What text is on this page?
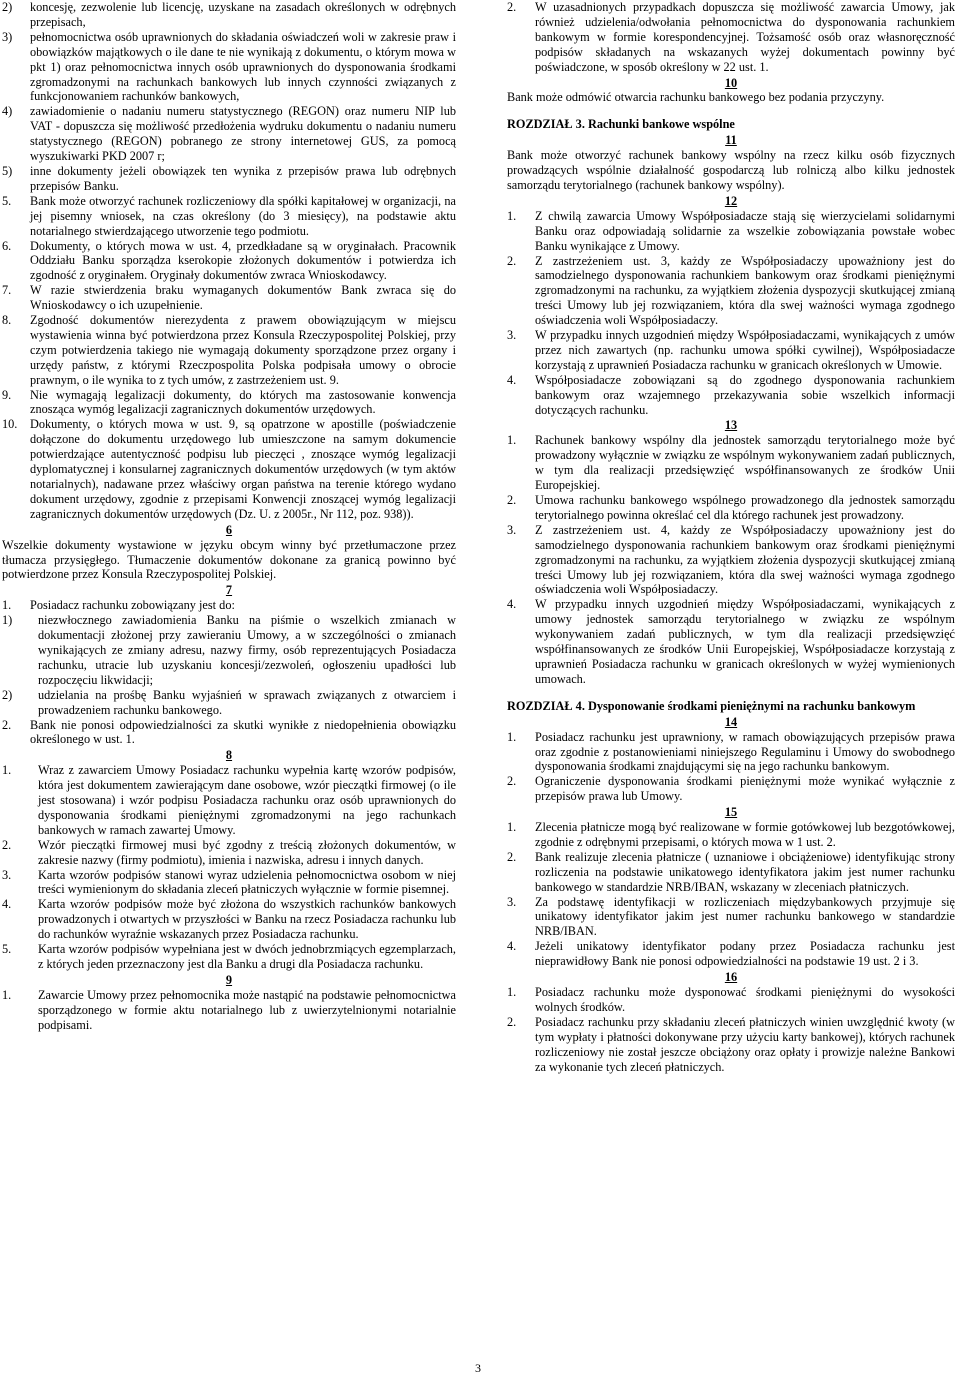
2)	koncesję, zezwolenie lub licencję, uzyskane na zasadach określonych w odrębnych przepisach,
3)	pełnomocnictwa osób uprawnionych do składania oświadczeń woli w zakresie praw i obowiązków majątkowych o ile dane te nie wynikają z dokumentu, o którym mowa w pkt 1) oraz pełnomocnictwa innych osób uprawnionych do dysponowania środkami zgromadzonymi na rachunkach bankowych lub innych czynności związanych z funkcjonowaniem rachunków bankowych,
4)	zawiadomienie o nadaniu numeru statystycznego (REGON) oraz numeru NIP lub VAT - dopuszcza się możliwość przedłożenia wydruku dokumentu o nadaniu numeru statystycznego (REGON) pobranego ze strony internetowej GUS, za pomocą wyszukiwarki PKD 2007 r;
5)	inne dokumenty jeżeli obowiązek ten wynika z przepisów prawa lub odrębnych przepisów Banku.
5.	Bank może otworzyć rachunek rozliczeniowy dla spółki kapitałowej w organizacji, na jej pisemny wniosek, na czas określony (do 3 miesięcy), na podstawie aktu notarialnego stwierdzającego utworzenie tego podmiotu.
6.	Dokumenty, o których mowa w ust. 4, przedkładane są w oryginałach. Pracownik Oddziału Banku sporządza kserokopie złożonych dokumentów i potwierdza ich zgodność z oryginałem. Oryginały dokumentów zwraca Wnioskodawcy.
7.	W razie stwierdzenia braku wymaganych dokumentów Bank zwraca się do Wnioskodawcy o ich uzupełnienie.
8.	Zgodność dokumentów nierezydenta z prawem obowiązującym w miejscu wystawienia winna być potwierdzona przez Konsula Rzeczypospolitej Polskiej, przy czym potwierdzenia takiego nie wymagają dokumenty sporządzone przez organy i urzędy państw, z którymi Rzeczpospolita Polska podpisała umowy o obrocie prawnym, o ile wynika to z tych umów, z zastrzeżeniem ust. 9.
9.	Nie wymagają legalizacji dokumenty, do których ma zastosowanie konwencja znosząca wymóg legalizacji zagranicznych dokumentów urzędowych.
10.	Dokumenty, o których mowa w ust. 9, są opatrzone w apostille (poświadczenie dołączone do dokumentu urzędowego lub umieszczone na samym dokumencie potwierdzające autentyczność podpisu lub pieczęci , znoszące wymóg legalizacji dyplomatycznej i konsularnej zagranicznych dokumentów urzędowych (w tym aktów notarialnych), nadawane przez właściwy organ państwa na terenie którego wydano dokument urzędowy, zgodnie z przepisami Konwencji znoszącej wymóg legalizacji zagranicznych dokumentów urzędowych (Dz. U. z 2005r., Nr 112, poz. 938)).
6

Wszelkie dokumenty wystawione w języku obcym winny być przetłumaczone przez tłumacza przysięgłego. Tłumaczenie dokumentów dokonane za granicą powinno być potwierdzone przez Konsula Rzeczypospolitej Polskiej.

7
1.	Posiadacz rachunku zobowiązany jest do:
1)	niezwłocznego zawiadomienia Banku na piśmie o wszelkich zmianach w dokumentacji złożonej przy zawieraniu Umowy, a w szczególności o zmianach wynikających ze zmiany adresu, nazwy firmy, osób reprezentujących Posiadacza rachunku, utracie lub uzyskaniu koncesji/zezwoleń, ogłoszeniu upadłości lub rozpoczęciu likwidacji;
2)	udzielania na prośbę Banku wyjaśnień w sprawach związanych z otwarciem i prowadzeniem rachunku bankowego.
2.	Bank nie ponosi odpowiedzialności za skutki wynikłe z niedopełnienia obowiązku określonego w ust. 1.
8
1.	Wraz z zawarciem Umowy Posiadacz rachunku wypełnia kartę wzorów podpisów, która jest dokumentem zawierającym dane osobowe, wzór pieczątki firmowej (o ile jest stosowana) i wzór podpisu Posiadacza rachunku oraz osób uprawnionych do dysponowania środkami pieniężnymi zgromadzonymi na jego rachunkach bankowych w ramach zawartej Umowy.
2.	Wzór pieczątki firmowej musi być zgodny z treścią złożonych dokumentów, w zakresie nazwy (firmy podmiotu), imienia i nazwiska, adresu i innych danych.
3.	Karta wzorów podpisów stanowi wyraz udzielenia pełnomocnictwa osobom w niej treści wymienionym do składania zleceń płatniczych wyłącznie w formie pisemnej.
4.	Karta wzorów podpisów może być złożona do wszystkich rachunków bankowych prowadzonych i otwartych w przyszłości w Banku na rzecz Posiadacza rachunku lub do rachunków wyraźnie wskazanych przez Posiadacza rachunku.
5.	Karta wzorów podpisów wypełniana jest w dwóch jednobrzmiących egzemplarzach, z których jeden przeznaczony jest dla Banku a drugi dla Posiadacza rachunku.
9
1.	Zawarcie Umowy przez pełnomocnika może nastąpić na podstawie pełnomocnictwa sporządzonego w formie aktu notarialnego lub z uwierzytelnionymi notarialnie podpisami.
2.	W uzasadnionych przypadkach dopuszcza się możliwość zawarcia Umowy, jak również udzielenia/odwołania pełnomocnictwa do dysponowania rachunkiem bankowym w formie korespondencyjnej. Tożsamość osób oraz własnoręczność podpisów składanych na wskazanych wyżej dokumentach powinny być poświadczone, w sposób określony w 22 ust. 1.
10

Bank może odmówić otwarcia rachunku bankowego bez podania przyczyny.

ROZDZIAŁ 3. Rachunki bankowe wspólne
11

Bank może otworzyć rachunek bankowy wspólny na rzecz kilku osób fizycznych prowadzących wspólnie działalność gospodarczą lub rolniczą albo kilku jednostek samorządu terytorialnego (rachunek bankowy wspólny).

12
1.	Z chwilą zawarcia Umowy Współposiadacze stają się wierzycielami solidarnymi Banku oraz odpowiadają solidarnie za wszelkie zobowiązania powstałe wobec Banku wynikające z Umowy.
2.	Z zastrzeżeniem ust. 3, każdy ze Współposiadaczy upoważniony jest do samodzielnego dysponowania rachunkiem bankowym oraz środkami pieniężnymi zgromadzonymi na rachunku, za wyjątkiem złożenia dyspozycji skutkującej zmianą treści Umowy lub jej rozwiązaniem, która dla swej ważności wymaga zgodnego oświadczenia woli Współposiadaczy.
3.	W przypadku innych uzgodnień między Współposiadaczami, wynikających z umów przez nich zawartych (np. rachunku umowa spółki cywilnej), Współposiadacze korzystają z uprawnień Posiadacza rachunku w granicach określonych w Umowie.
4.	Współposiadacze zobowiązani są do zgodnego dysponowania rachunkiem bankowym oraz wzajemnego przekazywania sobie wszelkich informacji dotyczących rachunku.
13
1.	Rachunek bankowy wspólny dla jednostek samorządu terytorialnego może być prowadzony wyłącznie w związku ze wspólnym wykonywaniem zadań publicznych, w tym dla realizacji przedsięwzięć współfinansowanych ze środków Unii Europejskiej.
2.	Umowa rachunku bankowego wspólnego prowadzonego dla jednostek samorządu terytorialnego powinna określać cel dla którego rachunek jest prowadzony.
3.	Z zastrzeżeniem ust. 4, każdy ze Współposiadaczy upoważniony jest do samodzielnego dysponowania rachunkiem bankowym oraz środkami pieniężnymi zgromadzonymi na rachunku, za wyjątkiem złożenia dyspozycji skutkującej zmianą treści Umowy lub jej rozwiązaniem, która dla swej ważności wymaga zgodnego oświadczenia woli Współposiadaczy.
4.	W przypadku innych uzgodnień między Współposiadaczami, wynikających z umowy jednostek samorządu terytorialnego w związku ze wspólnym wykonywaniem zadań publicznych, w tym dla realizacji przedsięwzięć współfinansowanych ze środków Unii Europejskiej, Współposiadacze korzystają z uprawnień Posiadacza rachunku w granicach określonych w wyżej wymienionych umowach.
ROZDZIAŁ 4. Dysponowanie środkami pieniężnymi na rachunku bankowym
14
1.	Posiadacz rachunku jest uprawniony, w ramach obowiązujących przepisów prawa oraz zgodnie z postanowieniami niniejszego Regulaminu i Umowy do swobodnego dysponowania środkami znajdującymi się na jego rachunku bankowym.
2.	Ograniczenie dysponowania środkami pieniężnymi może wynikać wyłącznie z przepisów prawa lub Umowy.
15
1.	Zlecenia płatnicze mogą być realizowane w formie gotówkowej lub bezgotówkowej, zgodnie z odrębnymi przepisami, o których mowa w 1 ust. 2.
2.	Bank realizuje zlecenia płatnicze ( uznaniowe i obciążeniowe) identyfikując strony rozliczenia na podstawie unikatowego identyfikatora jakim jest numer rachunku bankowego w standardzie NRB/IBAN, wskazany w zleceniach płatniczych.
3.	Za podstawę identyfikacji w rozliczeniach międzybankowych przyjmuje się unikatowy identyfikator jakim jest numer rachunku bankowego w standardzie NRB/IBAN.
4.	Jeżeli unikatowy identyfikator podany przez Posiadacza rachunku jest nieprawidłowy Bank nie ponosi odpowiedzialności na podstawie 19 ust. 2 i 3.
16
1.	Posiadacz rachunku może dysponować środkami pieniężnymi do wysokości wolnych środków.
2.	Posiadacz rachunku przy składaniu zleceń płatniczych winien uwzględnić kwoty (w tym wypłaty i płatności dokonywane przy użyciu karty bankowej), których rachunek rozliczeniowy nie został jeszcze obciążony oraz opłaty i prowizje należne Bankowi za wykonanie tych zleceń płatniczych.
3
